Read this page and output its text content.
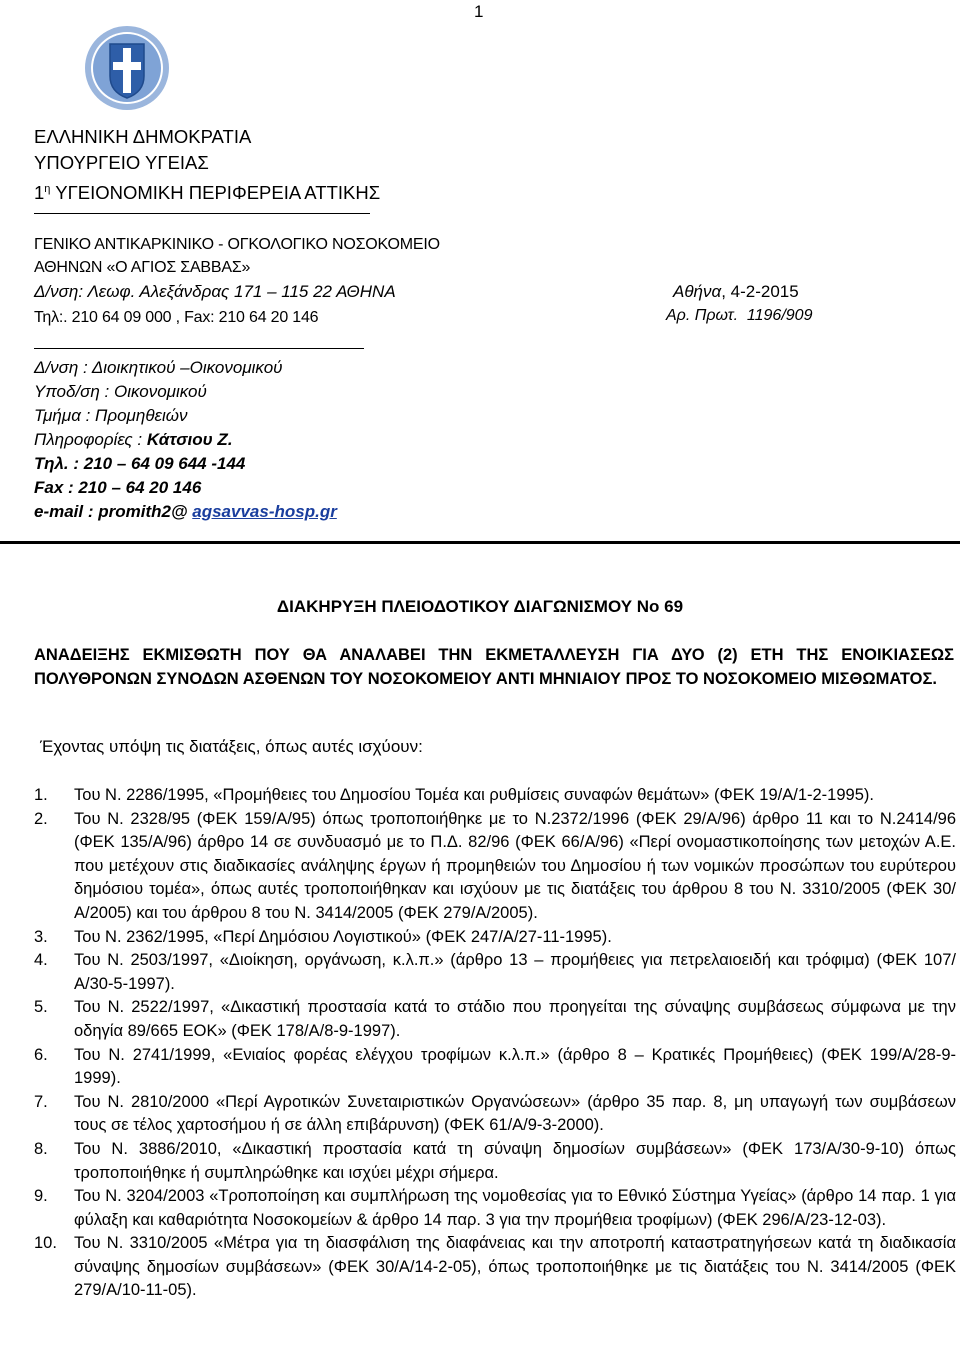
1
ΕΛΛΗΝΙΚΗ ΔΗΜΟΚΡΑΤΙΑ
ΥΠΟΥΡΓΕΙΟ ΥΓΕΙΑΣ
$1^\eta$ ΥΓΕΙΟΝΟΜΙΚΗ ΠΕΡΙΦΕΡΕΙΑ ΑΤΤΙΚΗΣ
ΓΕΝΙΚΟ ΑΝΤΙΚΑΡΚΙΝΙΚΟ - ΟΓΚΟΛΟΓΙΚΟ ΝΟΣΟΚΟΜΕΙΟ
ΑΘΗΝΩΝ «Ο ΑΓΙΟΣ ΣΑΒΒΑΣ»
Δ/νση: Λεωφ. Αλεξάνδρας 171 – 115 22 ΑΘΗΝΑ
Τηλ:. 210 64 09 000 , Fax: 210 64 20 146
Αθήνα, 4-2-2015
Αρ. Πρωτ. 1196/909
Δ/νση : Διοικητικού –Οικονομικού
Υποδ/ση : Οικονομικού
Τμήμα : Προμηθειών
Πληροφορίες : Κάτσιου Ζ.
Τηλ. : 210 – 64 09 644 -144
Fax : 210 – 64 20 146
e-mail : promith2@ agsavvas-hosp.gr
ΔΙΑΚΗΡΥΞΗ ΠΛΕΙΟΔΟΤΙΚΟΥ ΔΙΑΓΩΝΙΣΜΟΥ Νο 69
ΑΝΑΔΕΙΞΗΣ ΕΚΜΙΣΘΩΤΗ ΠΟΥ ΘΑ ΑΝΑΛΑΒΕΙ ΤΗΝ ΕΚΜΕΤΑΛΛΕΥΣΗ ΓΙΑ ΔΥΟ (2) ΕΤΗ ΤΗΣ ΕΝΟΙΚΙΑΣΕΩΣ ΠΟΛΥΘΡΟΝΩΝ ΣΥΝΟΔΩΝ ΑΣΘΕΝΩΝ ΤΟΥ ΝΟΣΟΚΟΜΕΙΟΥ ΑΝΤΙ ΜΗΝΙΑΙΟΥ ΠΡΟΣ ΤΟ ΝΟΣΟΚΟΜΕΙΟ ΜΙΣΘΩΜΑΤΟΣ.
Έχοντας υπόψη τις διατάξεις, όπως αυτές ισχύουν:
1. Του Ν. 2286/1995, «Προμήθειες του Δημοσίου Τομέα και ρυθμίσεις συναφών θεμάτων» (ΦΕΚ 19/Α/1-2-1995).
2. Του Ν. 2328/95 (ΦΕΚ 159/Α/95) όπως τροποποιήθηκε με το Ν.2372/1996 (ΦΕΚ 29/Α/96) άρθρο 11 και το Ν.2414/96 (ΦΕΚ 135/Α/96) άρθρο 14 σε συνδυασμό με το Π.Δ. 82/96 (ΦΕΚ 66/Α/96) «Περί ονομαστικοποίησης των μετοχών Α.Ε. που μετέχουν στις διαδικασίες ανάληψης έργων ή προμηθειών του Δημοσίου ή των νομικών προσώπων του ευρύτερου δημόσιου τομέα», όπως αυτές τροποποιήθηκαν και ισχύουν με τις διατάξεις του άρθρου 8 του Ν. 3310/2005 (ΦΕΚ 30/Α/2005) και του άρθρου 8 του Ν. 3414/2005 (ΦΕΚ 279/Α/2005).
3. Του Ν. 2362/1995, «Περί Δημόσιου Λογιστικού» (ΦΕΚ 247/Α/27-11-1995).
4. Του Ν. 2503/1997, «Διοίκηση, οργάνωση, κ.λ.π.» (άρθρο 13 – προμήθειες για πετρελαιοειδή και τρόφιμα) (ΦΕΚ 107/Α/30-5-1997).
5. Του Ν. 2522/1997, «Δικαστική προστασία κατά το στάδιο που προηγείται της σύναψης συμβάσεως σύμφωνα με την οδηγία 89/665 ΕΟΚ» (ΦΕΚ 178/Α/8-9-1997).
6. Του Ν. 2741/1999, «Ενιαίος φορέας ελέγχου τροφίμων κ.λ.π.» (άρθρο 8 – Κρατικές Προμήθειες) (ΦΕΚ 199/Α/28-9-1999).
7. Του Ν. 2810/2000 «Περί Αγροτικών Συνεταιριστικών Οργανώσεων» (άρθρο 35 παρ. 8, μη υπαγωγή των συμβάσεων τους σε τέλος χαρτοσήμου ή σε άλλη επιβάρυνση) (ΦΕΚ 61/Α/9-3-2000).
8. Του Ν. 3886/2010, «Δικαστική προστασία κατά τη σύναψη δημοσίων συμβάσεων» (ΦΕΚ 173/Α/30-9-10) όπως τροποποιήθηκε ή συμπληρώθηκε και ισχύει μέχρι σήμερα.
9. Του Ν. 3204/2003 «Τροποποίηση και συμπλήρωση της νομοθεσίας για το Εθνικό Σύστημα Υγείας» (άρθρο 14 παρ. 1 για φύλαξη και καθαριότητα Νοσοκομείων & άρθρο 14 παρ. 3 για την προμήθεια τροφίμων) (ΦΕΚ 296/Α/23-12-03).
10. Του Ν. 3310/2005 «Μέτρα για τη διασφάλιση της διαφάνειας και την αποτροπή καταστρατηγήσεων κατά τη διαδικασία σύναψης δημοσίων συμβάσεων» (ΦΕΚ 30/Α/14-2-05), όπως τροποποιήθηκε με τις διατάξεις του Ν. 3414/2005 (ΦΕΚ 279/Α/10-11-05).
